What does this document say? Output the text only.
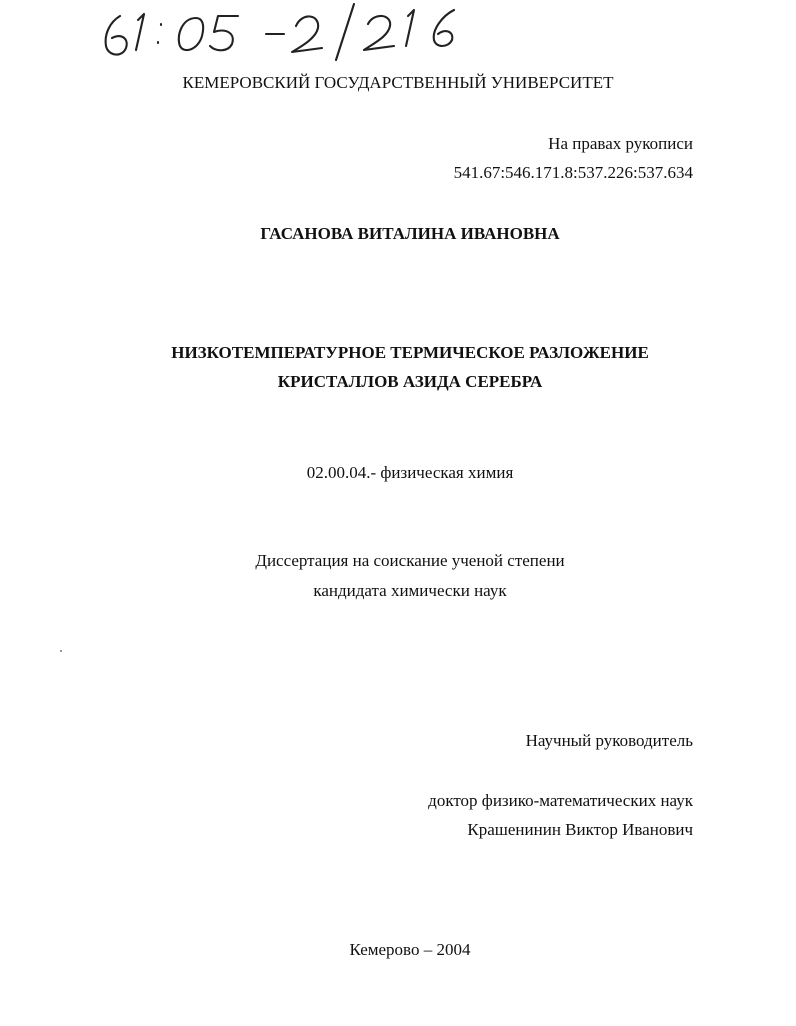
КЕМЕРОВСКИЙ ГОСУДАРСТВЕННЫЙ УНИВЕРСИТЕТ
На правах рукописи
541.67:546.171.8:537.226:537.634
ГАСАНОВА ВИТАЛИНА ИВАНОВНА
НИЗКОТЕМПЕРАТУРНОЕ ТЕРМИЧЕСКОЕ РАЗЛОЖЕНИЕ
КРИСТАЛЛОВ АЗИДА СЕРЕБРА
02.00.04.- физическая химия
Диссертация на соискание ученой степени
кандидата химически наук
Научный руководитель
доктор физико-математических наук
Крашенинин Виктор Иванович
Кемерово – 2004
